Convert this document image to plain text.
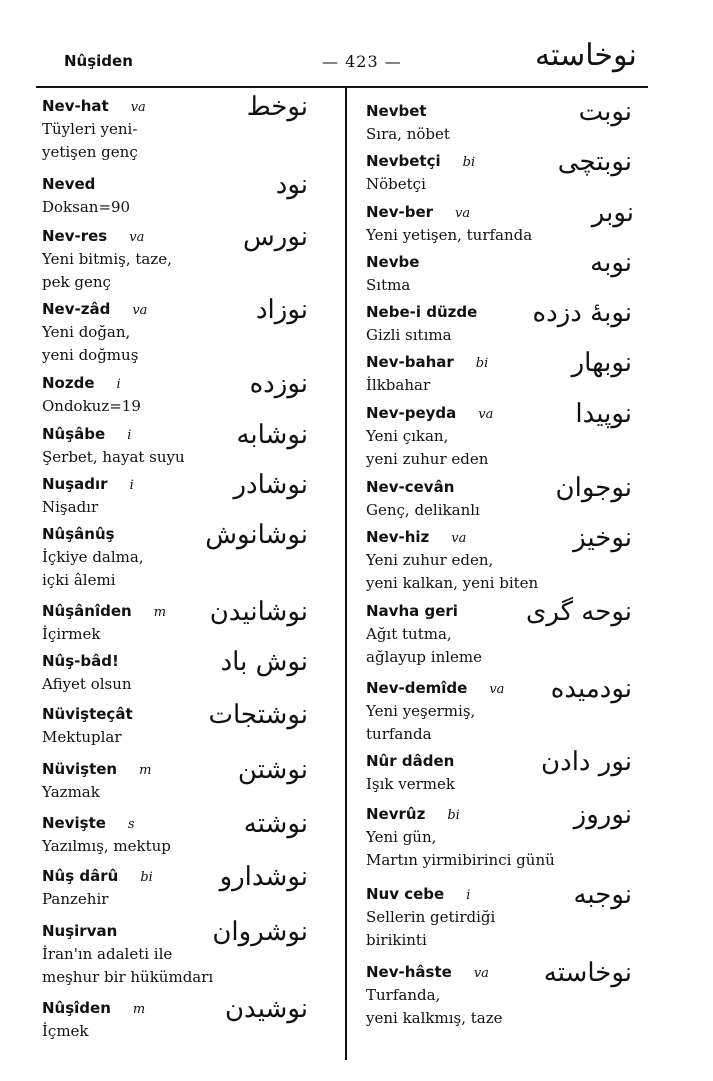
Nûşiden	— 423 —	نوخاسته
Nev-hat va
Tüyleri yeni-
yetişen genç
نوخط
Neved
Doksan=90
نود
Nev-res va
Yeni bitmiş, taze,
pek genç
نورس
Nev-zâd va
Yeni doğan,
yeni doğmuş
نوزاد
Nozde i
Ondokuz=19
نوزده
Nûşâbe i
Şerbet, hayat suyu
نوشابه
Nuşadır i
Nişadır
نوشادر
Nûşânûş
İçkiye dalma,
içki âlemi
نوشانوش
Nûşânîden m
İçirmek
نوشانیدن
Nûş-bâd!
Afiyet olsun
نوش باد
Nüvişteçât
Mektuplar
نوشتجات
Nüvişten m
Yazmak
نوشتن
Nevişte s
Yazılmış, mektup
نوشته
Nûş dârû bi
Panzehir
نوشدارو
Nuşirvan
İran'ın adaleti ile
meşhur bir hükümdarı
نوشروان
Nûşîden m
İçmek
نوشیدن
Nevbet
Sıra, nöbet
نوبت
Nevbetçi bi
Nöbetçi
نوبتچی
Nev-ber va
Yeni yetişen, turfanda
نوبر
Nevbe
Sıtma
نوبه
Nebe-i düzde
Gizli sıtıma
نوبهٔ دزده
Nev-bahar bi
İlkbahar
نوبهار
Nev-peyda va
Yeni çıkan,
yeni zuhur eden
نوپیدا
Nev-cevân
Genç, delikanlı
نوجوان
Nev-hiz va
Yeni zuhur eden,
yeni kalkan, yeni biten
نوخیز
Navha geri
Ağıt tutma,
ağlayup inleme
نوحه گری
Nev-demîde va
Yeni yeşermiş,
turfanda
نودمیده
Nûr dâden
Işık vermek
نور دادن
Nevrûz bi
Yeni gün,
Martın yirmibirinci günü
نوروز
Nuv cebe i
Sellerin getirdiği
birikinti
نوجبه
Nev-hâste va
Turfanda,
yeni kalkmış, taze
نوخاسته
